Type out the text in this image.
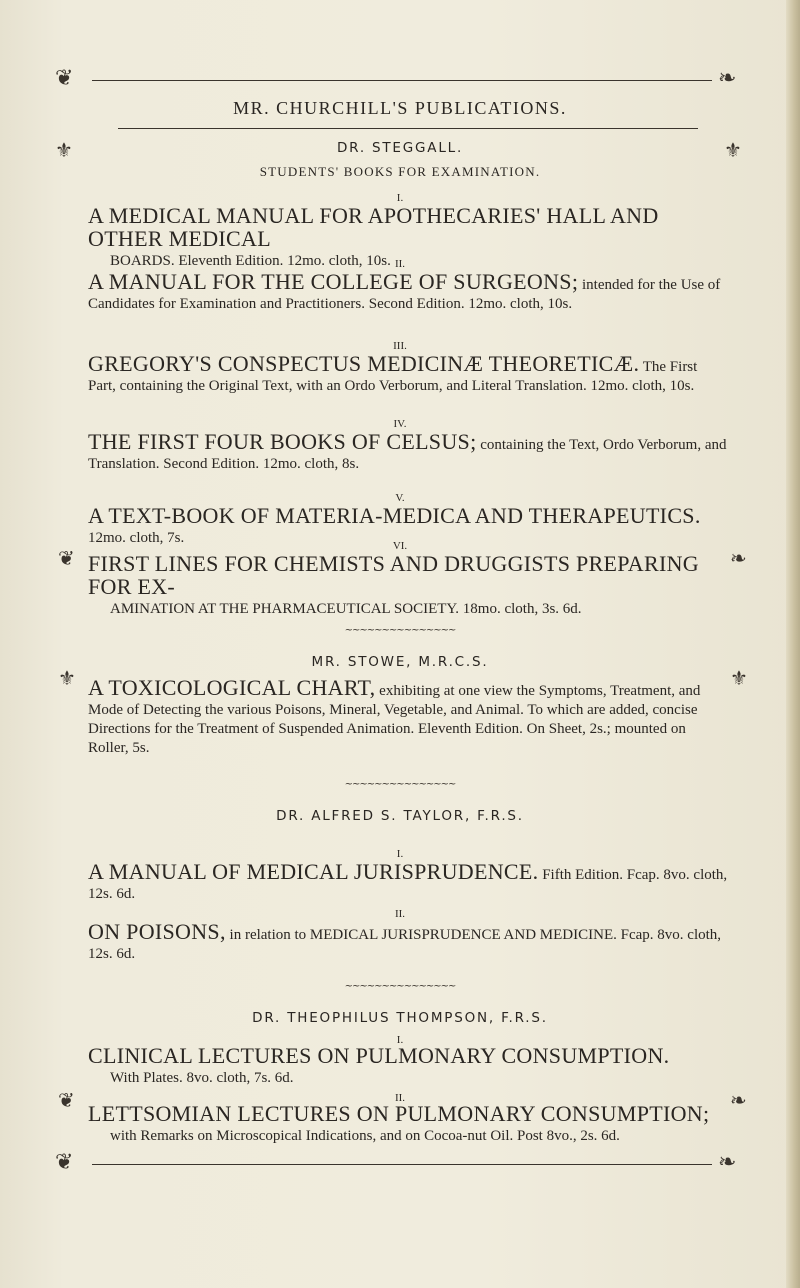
❦	❧
MR. CHURCHILL'S PUBLICATIONS.
⚜	⚜
DR. STEGGALL.
STUDENTS' BOOKS FOR EXAMINATION.
I.
A MEDICAL MANUAL FOR APOTHECARIES' HALL AND OTHER MEDICAL
BOARDS. Eleventh Edition. 12mo. cloth, 10s. II.
A MANUAL FOR THE COLLEGE OF SURGEONS; intended for the Use of Candidates for Examination and Practitioners. Second Edition. 12mo. cloth, 10s.
III.
GREGORY'S CONSPECTUS MEDICINÆ THEORETICÆ. The First Part, containing the Original Text, with an Ordo Verborum, and Literal Translation. 12mo. cloth, 10s.
IV.
THE FIRST FOUR BOOKS OF CELSUS; containing the Text, Ordo Verborum, and Translation. Second Edition. 12mo. cloth, 8s.
V.
A TEXT-BOOK OF MATERIA-MEDICA AND THERAPEUTICS. 12mo. cloth, 7s.	VI.
FIRST LINES FOR CHEMISTS AND DRUGGISTS PREPARING FOR EX-
AMINATION AT THE PHARMACEUTICAL SOCIETY. 18mo. cloth, 3s. 6d.
❦	❧
~~~~~~~~~~~~~~~
MR. STOWE, M.R.C.S.
A TOXICOLOGICAL CHART, exhibiting at one view the Symptoms, Treatment, and Mode of Detecting the various Poisons, Mineral, Vegetable, and Animal. To which are added, concise Directions for the Treatment of Suspended Animation. Eleventh Edition. On Sheet, 2s.; mounted on Roller, 5s.
⚜	⚜
~~~~~~~~~~~~~~~
DR. ALFRED S. TAYLOR, F.R.S.
I.
A MANUAL OF MEDICAL JURISPRUDENCE. Fifth Edition. Fcap. 8vo. cloth, 12s. 6d.
II.
ON POISONS, in relation to MEDICAL JURISPRUDENCE AND MEDICINE. Fcap. 8vo. cloth, 12s. 6d.
~~~~~~~~~~~~~~~
DR. THEOPHILUS THOMPSON, F.R.S.
I.
CLINICAL LECTURES ON PULMONARY CONSUMPTION.
With Plates. 8vo. cloth, 7s. 6d.
II.
LETTSOMIAN LECTURES ON PULMONARY CONSUMPTION;
with Remarks on Microscopical Indications, and on Cocoa-nut Oil. Post 8vo., 2s. 6d.
❦	❧
❦	❧
